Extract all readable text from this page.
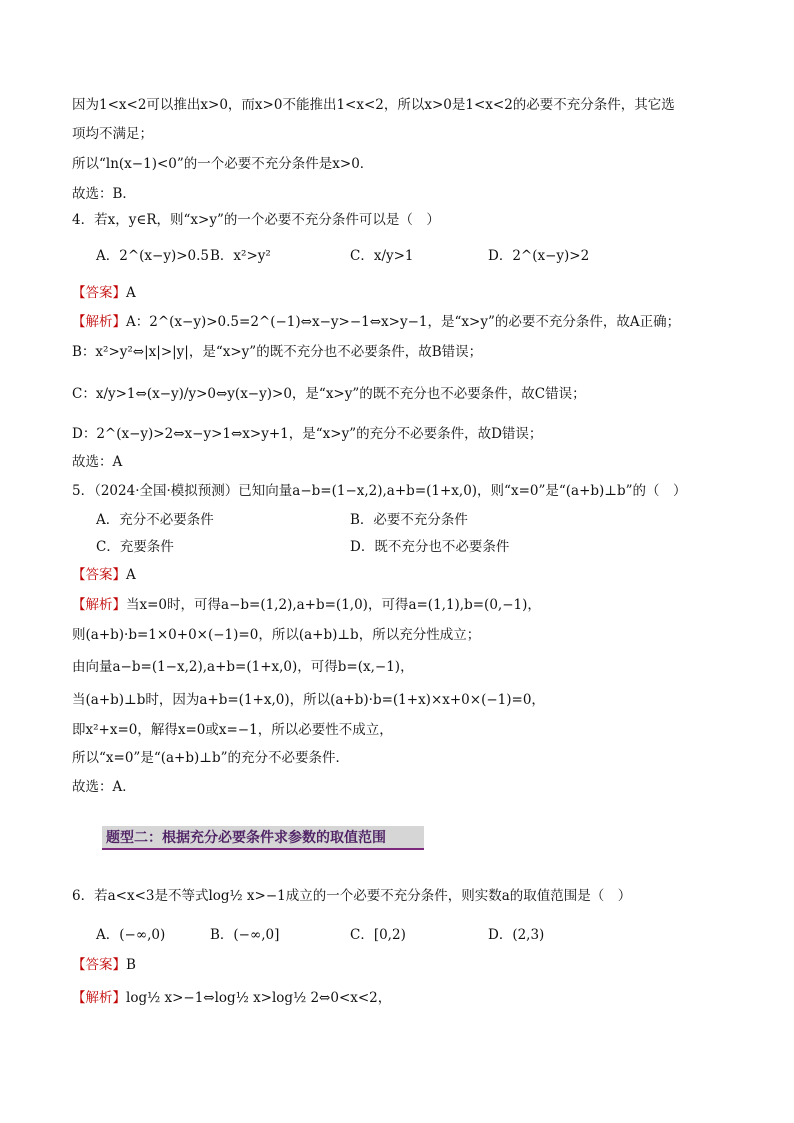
因为1<x<2可以推出x>0，而x>0不能推出1<x<2，所以x>0是1<x<2的必要不充分条件，其它选
项均不满足；
所以“ln(x−1)<0”的一个必要不充分条件是x>0．
故选：B．
4．若x，y∈R，则“x>y”的一个必要不充分条件可以是（　）
A．2^(x−y)>0.5 B．x²>y²	C．x/y>1	D．2^(x−y)>2
【答案】A
【解析】A：2^(x−y)>0.5=2^(−1)⇔x−y>−1⇔x>y−1，是“x>y”的必要不充分条件，故A正确；
B：x²>y²⇔|x|>|y|，是“x>y”的既不充分也不必要条件，故B错误；
C：x/y>1⇔(x−y)/y>0⇔y(x−y)>0，是“x>y”的既不充分也不必要条件，故C错误；
D：2^(x−y)>2⇔x−y>1⇔x>y+1，是“x>y”的充分不必要条件，故D错误；
故选：A
5．（2024·全国·模拟预测）已知向量a−b=(1−x,2),a+b=(1+x,0)，则“x=0”是“(a+b)⊥b”的（　）
A．充分不必要条件	B．必要不充分条件
C．充要条件	D．既不充分也不必要条件
【答案】A
【解析】当x=0时，可得a−b=(1,2),a+b=(1,0)，可得a=(1,1),b=(0,−1)，
则(a+b)·b=1×0+0×(−1)=0，所以(a+b)⊥b，所以充分性成立；
由向量a−b=(1−x,2),a+b=(1+x,0)，可得b=(x,−1)，
当(a+b)⊥b时，因为a+b=(1+x,0)，所以(a+b)·b=(1+x)×x+0×(−1)=0，
即x²+x=0，解得x=0或x=−1，所以必要性不成立，
所以“x=0”是“(a+b)⊥b”的充分不必要条件．
故选：A．
题型二：根据充分必要条件求参数的取值范围
6．若a<x<3是不等式log½ x>−1成立的一个必要不充分条件，则实数a的取值范围是（　）
A．(−∞,0)	B．(−∞,0]	C．[0,2)	D．(2,3)
【答案】B
【解析】log½ x>−1⇔log½ x>log½ 2⇔0<x<2，
